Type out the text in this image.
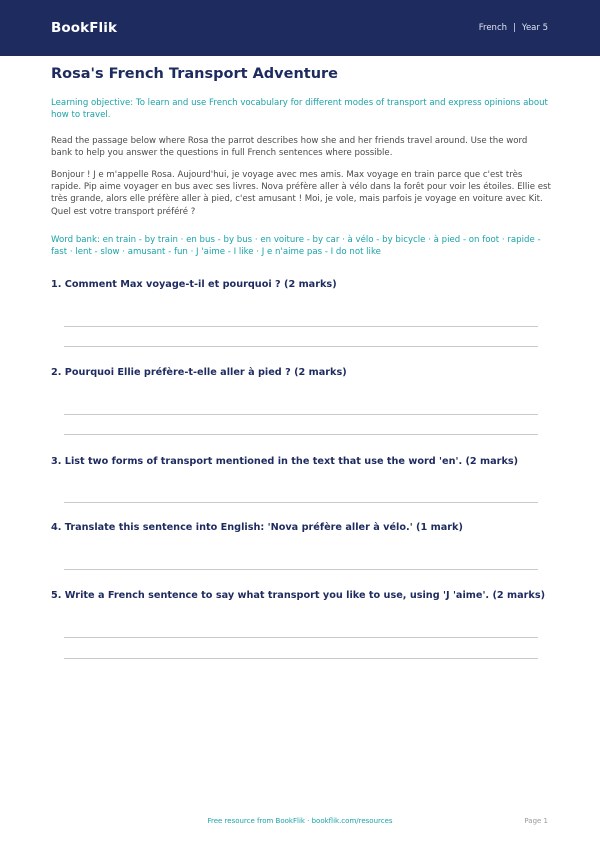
BookFlik	French | Year 5
Rosa's French Transport Adventure

Learning objective: To learn and use French vocabulary for different modes of transport and express opinions about how to travel.

Read the passage below where Rosa the parrot describes how she and her friends travel around. Use the word bank to help you answer the questions in full French sentences where possible.

Bonjour ! J e m'appelle Rosa. Aujourd'hui, je voyage avec mes amis. Max voyage en train parce que c'est très rapide. Pip aime voyager en bus avec ses livres. Nova préfère aller à vélo dans la forêt pour voir les étoiles. Ellie est très grande, alors elle préfère aller à pied, c'est amusant ! Moi, je vole, mais parfois je voyage en voiture avec Kit. Quel est votre transport préféré ?

Word bank: en train - by train · en bus - by bus · en voiture - by car · à vélo - by bicycle · à pied - on foot · rapide - fast · lent - slow · amusant - fun · J 'aime - I like · J e n'aime pas - I do not like

1. Comment Max voyage-t-il et pourquoi ? (2 marks)
2. Pourquoi Ellie préfère-t-elle aller à pied ? (2 marks)
3. List two forms of transport mentioned in the text that use the word 'en'. (2 marks)
4. Translate this sentence into English: 'Nova préfère aller à vélo.' (1 mark)
5. Write a French sentence to say what transport you like to use, using 'J 'aime'. (2 marks)
Free resource from BookFlik · bookflik.com/resources	Page 1
